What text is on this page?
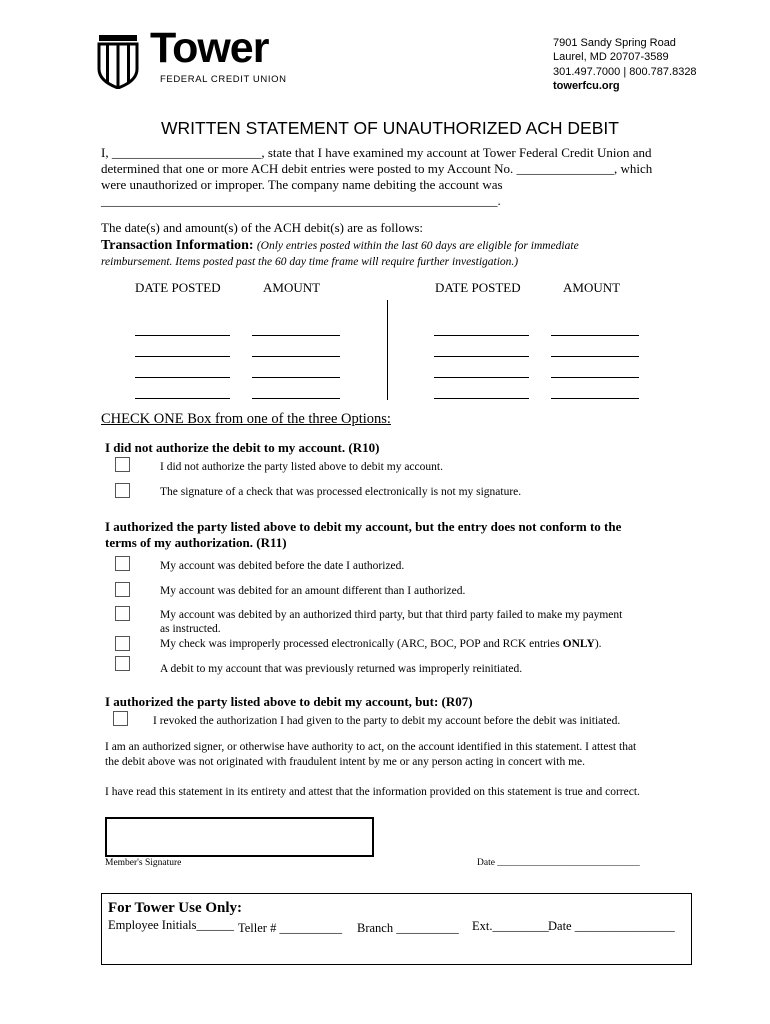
Tower
FEDERAL CREDIT UNION
7901 Sandy Spring Road
Laurel, MD 20707-3589
301.497.7000 | 800.787.8328
towerfcu.org
WRITTEN STATEMENT OF UNAUTHORIZED ACH DEBIT
I, _______________________, state that I have examined my account at Tower Federal Credit Union and
determined that one or more ACH debit entries were posted to my Account No. _______________, which
were unauthorized or improper. The company name debiting the account was
_____________________________________________________________.
The date(s) and amount(s) of the ACH debit(s) are as follows:
Transaction Information: (Only entries posted within the last 60 days are eligible for immediate
reimbursement. Items posted past the 60 day time frame will require further investigation.)
DATE POSTED	AMOUNT	DATE POSTED	AMOUNT
CHECK ONE Box from one of the three Options:
I did not authorize the debit to my account. (R10)
I did not authorize the party listed above to debit my account.
The signature of a check that was processed electronically is not my signature.
I authorized the party listed above to debit my account, but the entry does not conform to the
terms of my authorization. (R11)
My account was debited before the date I authorized.
My account was debited for an amount different than I authorized.
My account was debited by an authorized third party, but that third party failed to make my payment
as instructed.
My check was improperly processed electronically (ARC, BOC, POP and RCK entries ONLY).
A debit to my account that was previously returned was improperly reinitiated.
I authorized the party listed above to debit my account, but: (R07)
I revoked the authorization I had given to the party to debit my account before the debit was initiated.
I am an authorized signer, or otherwise have authority to act, on the account identified in this statement. I attest that
the debit above was not originated with fraudulent intent by me or any person acting in concert with me.
I have read this statement in its entirety and attest that the information provided on this statement is true and correct.
Member's Signature	Date ______________________________
For Tower Use Only:
Employee Initials______ Teller # __________ Branch __________ Ext._________ Date ________________
